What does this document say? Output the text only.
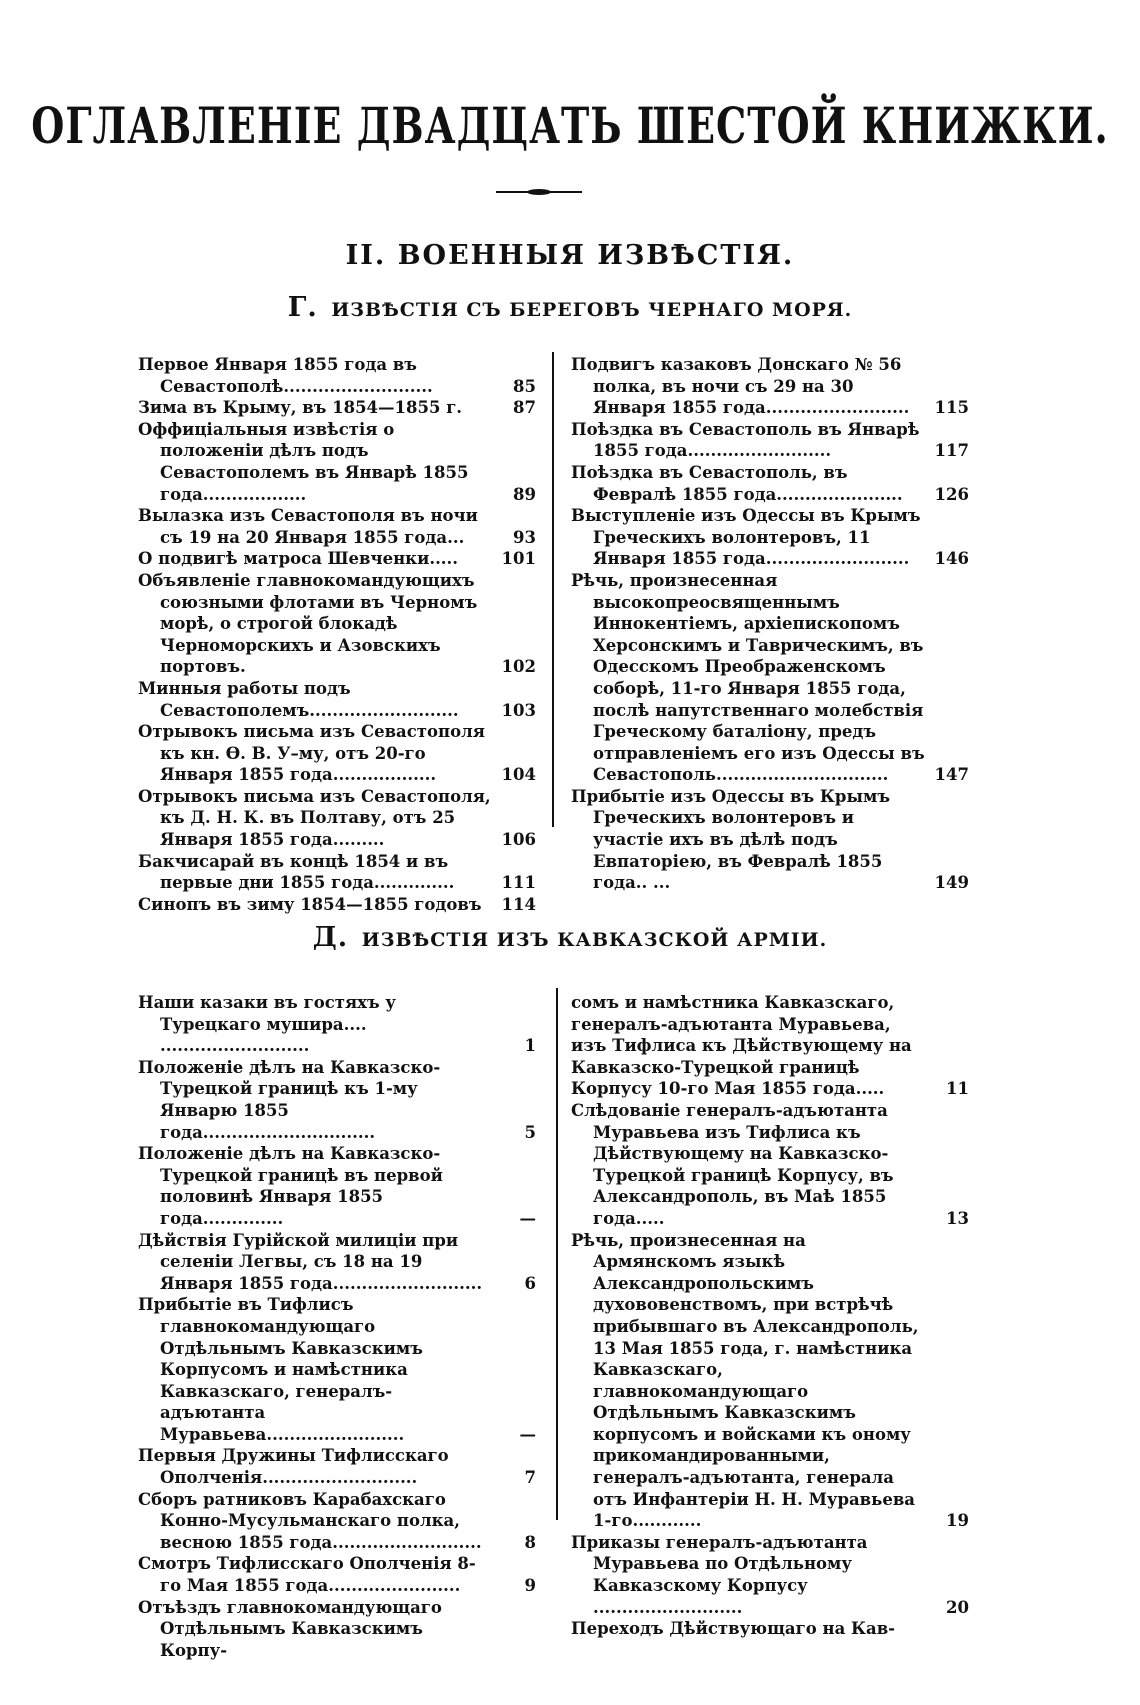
ОГЛАВЛЕНІЕ ДВАДЦАТЬ ШЕСТОЙ КНИЖКИ.
II. ВОЕННЫЯ ИЗВѢСТІЯ.
Г. ИЗВѢСТІЯ СЪ БЕРЕГОВЪ ЧЕРНАГО МОРЯ.
Первое Января 1855 года въ Севастополѣ..........................	85
Зима въ Крыму, въ 1854—1855 г.	87
Оффиціальныя извѣстія о положеніи дѣлъ подъ Севастополемъ въ Январѣ 1855 года..................	89
Вылазка изъ Севастополя въ ночи съ 19 на 20 Января 1855 года...	93
О подвигѣ матроса Шевченки.....	101
Объявленіе главнокомандующихъ союзными флотами въ Черномъ морѣ, о строгой блокадѣ Черноморскихъ и Азовскихъ портовъ.	102
Минныя работы подъ Севастополемъ..........................	103
Отрывокъ письма изъ Севастополя къ кн. Ѳ. В. У–му, отъ 20-го Января 1855 года..................	104
Отрывокъ письма изъ Севастополя, къ Д. Н. К. въ Полтаву, отъ 25 Января 1855 года.........	106
Бакчисарай въ концѣ 1854 и въ первые дни 1855 года..............	111
Синопъ въ зиму 1854—1855 годовъ	114
Подвигъ казаковъ Донскаго № 56 полка, въ ночи съ 29 на 30 Января 1855 года.........................	115
Поѣздка въ Севастополь въ Январѣ 1855 года.........................	117
Поѣздка въ Севастополь, въ Февралѣ 1855 года......................	126
Выступленіе изъ Одессы въ Крымъ Греческихъ волонтеровъ, 11 Января 1855 года.........................	146
Рѣчь, произнесенная высокопреосвященнымъ Иннокентіемъ, архіепископомъ Херсонскимъ и Таврическимъ, въ Одесскомъ Преображенскомъ соборѣ, 11-го Января 1855 года, послѣ напутственнаго молебствія Греческому баталіону, предъ отправленіемъ его изъ Одессы въ Севастополь..............................	147
Прибытіе изъ Одессы въ Крымъ Греческихъ волонтеровъ и участіе ихъ въ дѣлѣ подъ Евпаторіею, въ Февралѣ 1855 года.. ...	149
Д. ИЗВѢСТІЯ ИЗЪ КАВКАЗСКОЙ АРМІИ.
Наши казаки въ гостяхъ у Турецкаго мушира.... ..........................	1
Положеніе дѣлъ на Кавказско-Турецкой границѣ къ 1-му Январю 1855 года..............................	5
Положеніе дѣлъ на Кавказско-Турецкой границѣ въ первой половинѣ Января 1855 года..............	—
Дѣйствія Гурійской милиціи при селеніи Легвы, съ 18 на 19 Января 1855 года..........................	6
Прибытіе въ Тифлисъ главнокомандующаго Отдѣльнымъ Кавказскимъ Корпусомъ и намѣстника Кавказскаго, генералъ-адъютанта Муравьева........................	—
Первыя Дружины Тифлисскаго Ополченія...........................	7
Сборъ ратниковъ Карабахскаго Конно-Мусульманскаго полка, весною 1855 года..........................	8
Смотръ Тифлисскаго Ополченія 8-го Мая 1855 года.......................	9
Отъѣздъ главнокомандующаго Отдѣльнымъ Кавказскимъ Корпу-
сомъ и намѣстника Кавказскаго, генералъ-адъютанта Муравьева, изъ Тифлиса къ Дѣйствующему на Кавказско-Турецкой границѣ Корпусу 10-го Мая 1855 года.....	11
Слѣдованіе генералъ-адъютанта Муравьева изъ Тифлиса къ Дѣйствующему на Кавказско-Турецкой границѣ Корпусу, въ Александрополь, въ Маѣ 1855 года.....	13
Рѣчь, произнесенная на Армянскомъ языкѣ Александропольскимъ духововенствомъ, при встрѣчѣ прибывшаго въ Александрополь, 13 Мая 1855 года, г. намѣстника Кавказскаго, главнокомандующаго Отдѣльнымъ Кавказскимъ корпусомъ и войсками къ оному прикомандированными, генералъ-адъютанта, генерала отъ Инфантеріи Н. Н. Муравьева 1-го............	19
Приказы генералъ-адъютанта Муравьева по Отдѣльному Кавказскому Корпусу ..........................	20
Переходъ Дѣйствующаго на Кав-
